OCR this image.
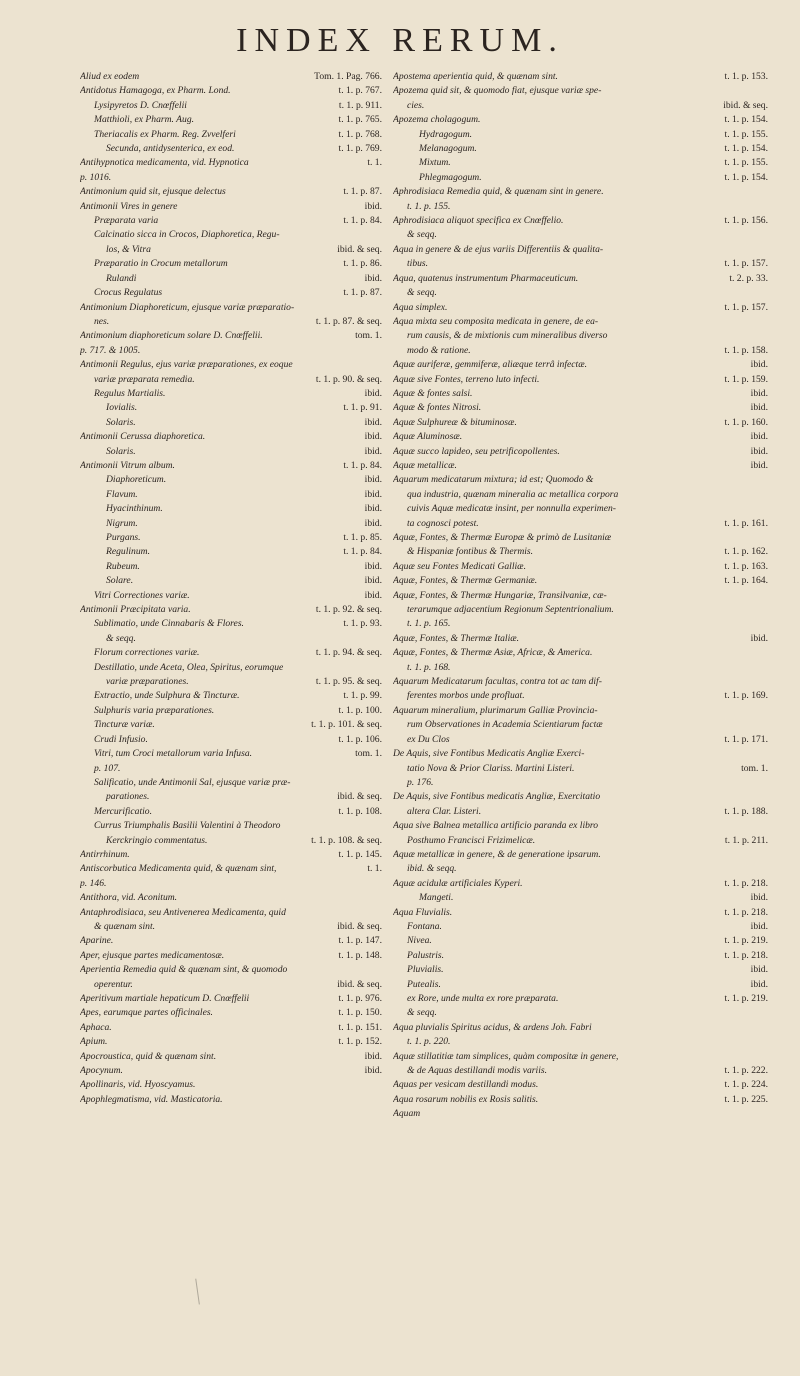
INDEX RERUM.
Aliud ex eodem	Tom. 1. Pag. 766.
Antidotus Hamagoga, ex Pharm. Lond.	t. 1. p. 767.
Lysipyretos D. Cnœffelii	t. 1. p. 911.
Matthioli, ex Pharm. Aug.	t. 1. p. 765.
Theriacalis ex Pharm. Reg. Zvvelferi	t. 1. p. 768.
Secunda, antidysenterica, ex eod.	t. 1. p. 769.
Antihypnotica medicamenta, vid. Hypnotica	t. 1.
p. 1016.
Antimonium quid sit, ejusque delectus	t. 1. p. 87.
Antimonii Vires in genere	ibid.
Præparata varia	t. 1. p. 84.
Calcinatio sicca in Crocos, Diaphoretica, Regu-
los, & Vitra	ibid. & seq.
Præparatio in Crocum metallorum	t. 1. p. 86.
Rulandi	ibid.
Crocus Regulatus	t. 1. p. 87.
Antimonium Diaphoreticum, ejusque variæ præparatio-
nes.	t. 1. p. 87. & seq.
Antimonium diaphoreticum solare D. Cnœffelii.	tom. 1.
p. 717. & 1005.
Antimonii Regulus, ejus variæ præparationes, ex eoque
variæ præparata remedia.	t. 1. p. 90. & seq.
Regulus Martialis.	ibid.
Iovialis.	t. 1. p. 91.
Solaris.	ibid.
Antimonii Cerussa diaphoretica.	ibid.
Solaris.	ibid.
Antimonii Vitrum album.	t. 1. p. 84.
Diaphoreticum.	ibid.
Flavum.	ibid.
Hyacinthinum.	ibid.
Nigrum.	ibid.
Purgans.	t. 1. p. 85.
Regulinum.	t. 1. p. 84.
Rubeum.	ibid.
Solare.	ibid.
Vitri Correctiones variæ.	ibid.
Antimonii Præcipitata varia.	t. 1. p. 92. & seq.
Sublimatio, unde Cinnabaris & Flores.	t. 1. p. 93.
& seqq.
Florum correctiones variæ.	t. 1. p. 94. & seq.
Destillatio, unde Aceta, Olea, Spiritus, eorumque
variæ præparationes.	t. 1. p. 95. & seq.
Extractio, unde Sulphura & Tincturæ.	t. 1. p. 99.
Sulphuris varia præparationes.	t. 1. p. 100.
Tincturæ variæ.	t. 1. p. 101. & seq.
Crudi Infusio.	t. 1. p. 106.
Vitri, tum Croci metallorum varia Infusa.	tom. 1.
p. 107.
Salificatio, unde Antimonii Sal, ejusque variæ præ-
parationes.	ibid. & seq.
Mercurificatio.	t. 1. p. 108.
Currus Triumphalis Basilii Valentini à Theodoro
Kerckringio commentatus.	t. 1. p. 108. & seq.
Antirrhinum.	t. 1. p. 145.
Antiscorbutica Medicamenta quid, & quænam sint,	t. 1.
p. 146.
Antithora, vid. Aconitum.
Antaphrodisiaca, seu Antivenerea Medicamenta, quid
& quænam sint.	ibid. & seq.
Aparine.	t. 1. p. 147.
Aper, ejusque partes medicamentosæ.	t. 1. p. 148.
Aperientia Remedia quid & quænam sint, & quomodo
operentur.	ibid. & seq.
Aperitivum martiale hepaticum D. Cnœffelii	t. 1. p. 976.
Apes, earumque partes officinales.	t. 1. p. 150.
Aphaca.	t. 1. p. 151.
Apium.	t. 1. p. 152.
Apocroustica, quid & quænam sint.	ibid.
Apocynum.	ibid.
Apollinaris, vid. Hyoscyamus.
Apophlegmatisma, vid. Masticatoria.
Apostema aperientia quid, & quænam sint.	t. 1. p. 153.
Apozema quid sit, & quomodo fiat, ejusque variæ spe-
cies.	ibid. & seq.
Apozema cholagogum.	t. 1. p. 154.
Hydragogum.	t. 1. p. 155.
Melanagogum.	t. 1. p. 154.
Mixtum.	t. 1. p. 155.
Phlegmagogum.	t. 1. p. 154.
Aphrodisiaca Remedia quid, & quænam sint in genere.
t. 1. p. 155.
Aphrodisiaca aliquot specifica ex Cnœffelio.	t. 1. p. 156.
& seqq.
Aqua in genere & de ejus variis Differentiis & qualita-
tibus.	t. 1. p. 157.
Aqua, quatenus instrumentum Pharmaceuticum.	t. 2. p. 33.
& seqq.
Aqua simplex.	t. 1. p. 157.
Aqua mixta seu composita medicata in genere, de ea-
rum causis, & de mixtionis cum mineralibus diverso
modo & ratione.	t. 1. p. 158.
Aquæ auriferæ, gemmiferæ, aliæque terrâ infectæ.	ibid.
Aquæ sive Fontes, terreno luto infecti.	t. 1. p. 159.
Aquæ & fontes salsi.	ibid.
Aquæ & fontes Nitrosi.	ibid.
Aquæ Sulphureæ & bituminosæ.	t. 1. p. 160.
Aquæ Aluminosæ.	ibid.
Aquæ succo lapideo, seu petrificopollentes.	ibid.
Aquæ metallicæ.	ibid.
Aquarum medicatarum mixtura; id est; Quomodo &
qua industria, quænam mineralia ac metallica corpora
cuivis Aquæ medicatæ insint, per nonnulla experimen-
ta cognosci potest.	t. 1. p. 161.
Aquæ, Fontes, & Thermæ Europæ & primò de Lusitaniæ
& Hispaniæ fontibus & Thermis.	t. 1. p. 162.
Aquæ seu Fontes Medicati Galliæ.	t. 1. p. 163.
Aquæ, Fontes, & Thermæ Germaniæ.	t. 1. p. 164.
Aquæ, Fontes, & Thermæ Hungariæ, Transilvaniæ, cæ-
terarumque adjacentium Regionum Septentrionalium.
t. 1. p. 165.
Aquæ, Fontes, & Thermæ Italiæ.	ibid.
Aquæ, Fontes, & Thermæ Asiæ, Africæ, & America.
t. 1. p. 168.
Aquarum Medicatarum facultas, contra tot ac tam dif-
ferentes morbos unde profluat.	t. 1. p. 169.
Aquarum mineralium, plurimarum Galliæ Provincia-
rum Observationes in Academia Scientiarum factæ
ex Du Clos	t. 1. p. 171.
De Aquis, sive Fontibus Medicatis Angliæ Exerci-
tatio Nova & Prior Clariss. Martini Listeri.	tom. 1.
p. 176.
De Aquis, sive Fontibus medicatis Angliæ, Exercitatio
altera Clar. Listeri.	t. 1. p. 188.
Aqua sive Balnea metallica artificio paranda ex libro
Posthumo Francisci Frizimelicæ.	t. 1. p. 211.
Aquæ metallicæ in genere, & de generatione ipsarum.
ibid. & seqq.
Aquæ acidulæ artificiales Kyperi.	t. 1. p. 218.
Mangeti.	ibid.
Aqua Fluvialis.	t. 1. p. 218.
Fontana.	ibid.
Nivea.	t. 1. p. 219.
Palustris.	t. 1. p. 218.
Pluvialis.	ibid.
Putealis.	ibid.
ex Rore, unde multa ex rore præparata.	t. 1. p. 219.
& seqq.
Aqua pluvialis Spiritus acidus, & ardens Joh. Fabri
t. 1. p. 220.
Aquæ stillatitiæ tam simplices, quàm compositæ in genere,
& de Aquas destillandi modis variis.	t. 1. p. 222.
Aquas per vesicam destillandi modus.	t. 1. p. 224.
Aqua rosarum nobilis ex Rosis salitis.	t. 1. p. 225.
Aquam
